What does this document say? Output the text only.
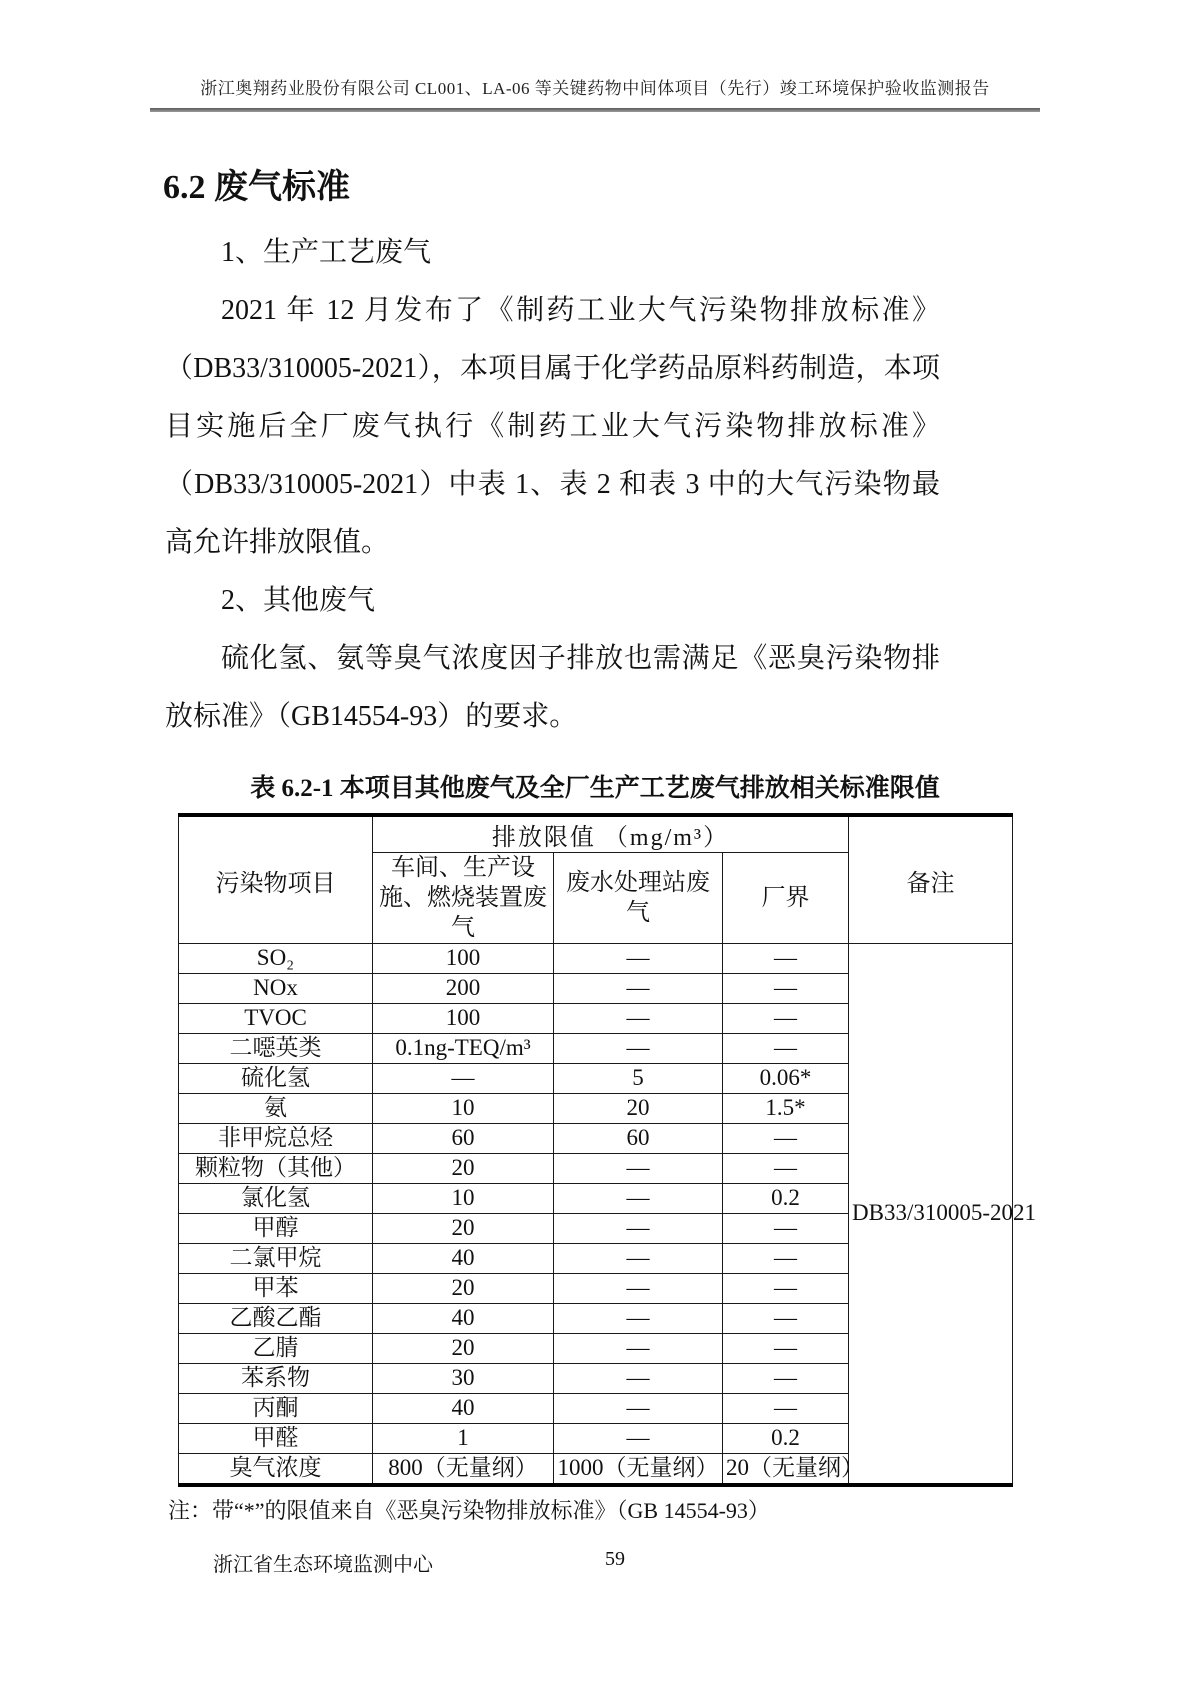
浙江奥翔药业股份有限公司 CL001、LA-06 等关键药物中间体项目（先行）竣工环境保护验收监测报告
6.2 废气标准

1、生产工艺废气

2021 年 12 月发布了《制药工业大气污染物排放标准》（DB33/310005-2021），本项目属于化学药品原料药制造，本项目实施后全厂废气执行《制药工业大气污染物排放标准》（DB33/310005-2021）中表 1、表 2 和表 3 中的大气污染物最高允许排放限值。

2、其他废气

硫化氢、氨等臭气浓度因子排放也需满足《恶臭污染物排放标准》（GB14554-93）的要求。

表 6.2-1 本项目其他废气及全厂生产工艺废气排放相关标准限值
污染物项目	排放限值 （mg/m³）			备注
	车间、生产设施、燃烧装置废气	废水处理站废气	厂界	
SO₂	100	—	—	DB33/310005-2021
NOx	200	—	—	
TVOC	100	—	—	
二噁英类	0.1ng-TEQ/m³	—	—	
硫化氢	—	5	0.06*	
氨	10	20	1.5*	
非甲烷总烃	60	60	—	
颗粒物（其他）	20	—	—	
氯化氢	10	—	0.2	
甲醇	20	—	—	
二氯甲烷	40	—	—	
甲苯	20	—	—	
乙酸乙酯	40	—	—	
乙腈	20	—	—	
苯系物	30	—	—	
丙酮	40	—	—	
甲醛	1	—	0.2	
臭气浓度	800（无量纲）	1000（无量纲）	20（无量纲）	
注：带“*”的限值来自《恶臭污染物排放标准》（GB 14554-93）
浙江省生态环境监测中心	59
